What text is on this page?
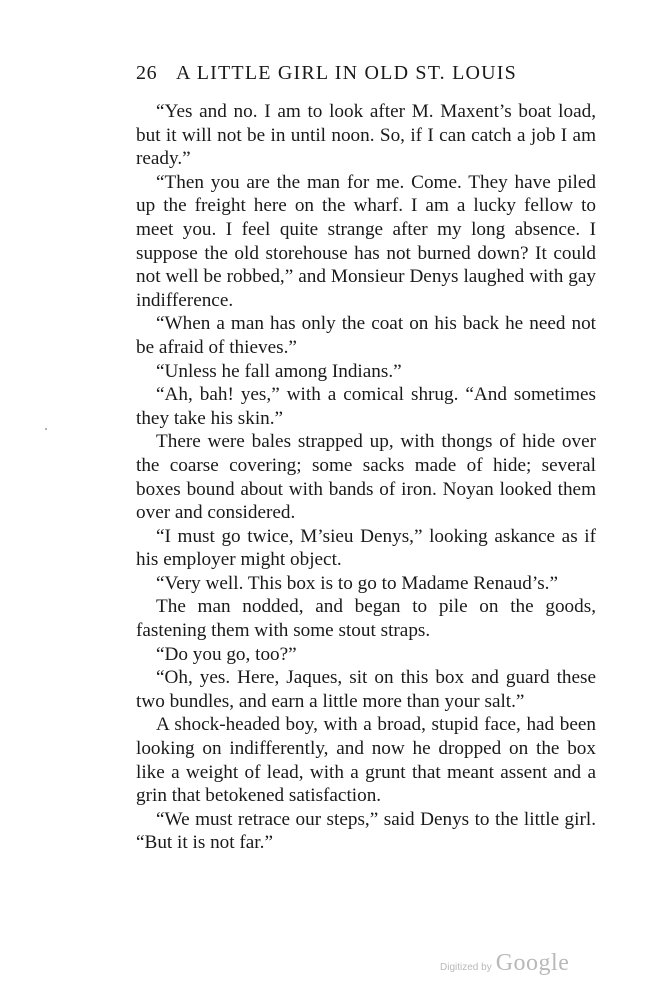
26 A LITTLE GIRL IN OLD ST. LOUIS

“Yes and no. I am to look after M. Maxent’s boat load, but it will not be in until noon. So, if I can catch a job I am ready.”

“Then you are the man for me. Come. They have piled up the freight here on the wharf. I am a lucky fellow to meet you. I feel quite strange after my long absence. I suppose the old storehouse has not burned down? It could not well be robbed,” and Monsieur Denys laughed with gay indifference.

“When a man has only the coat on his back he need not be afraid of thieves.”

“Unless he fall among Indians.”

“Ah, bah! yes,” with a comical shrug. “And sometimes they take his skin.”

There were bales strapped up, with thongs of hide over the coarse covering; some sacks made of hide; several boxes bound about with bands of iron. Noyan looked them over and considered.

“I must go twice, M’sieu Denys,” looking askance as if his employer might object.

“Very well. This box is to go to Madame Renaud’s.”

The man nodded, and began to pile on the goods, fastening them with some stout straps.

“Do you go, too?”

“Oh, yes. Here, Jaques, sit on this box and guard these two bundles, and earn a little more than your salt.”

A shock-headed boy, with a broad, stupid face, had been looking on indifferently, and now he dropped on the box like a weight of lead, with a grunt that meant assent and a grin that betokened satisfaction.

“We must retrace our steps,” said Denys to the little girl. “But it is not far.”

Digitized by Google
